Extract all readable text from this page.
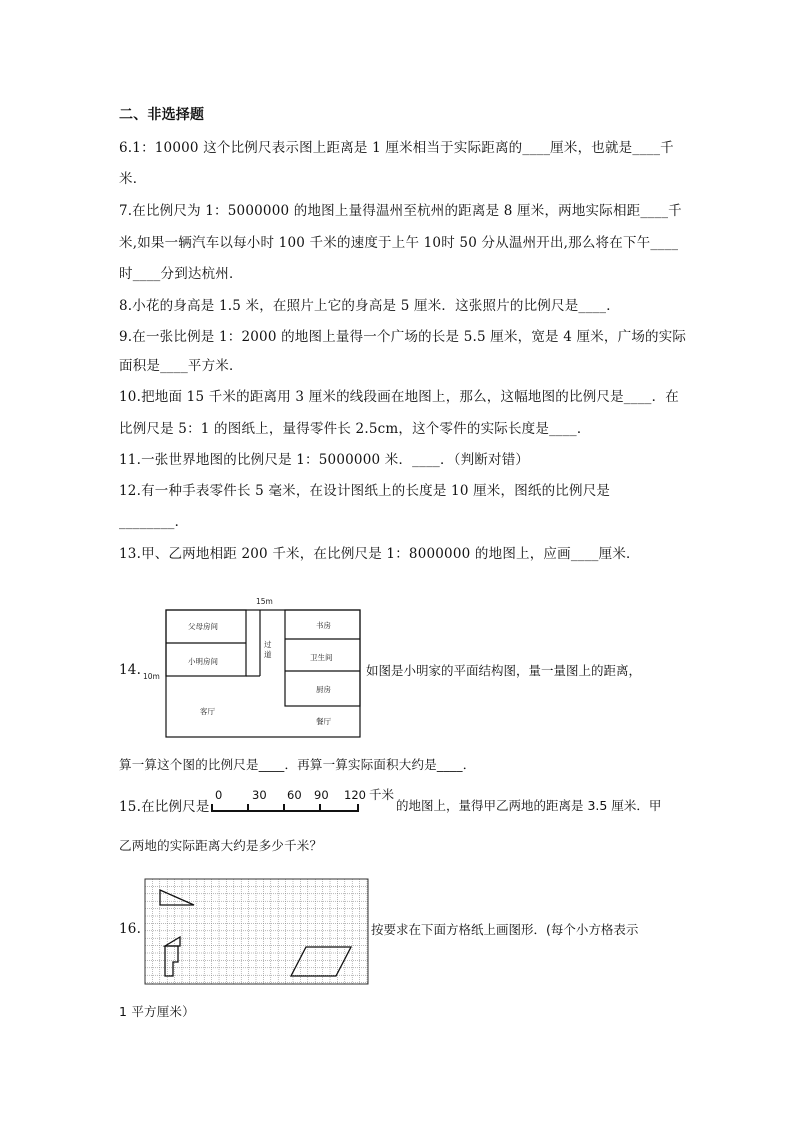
二、非选择题
6.1：10000 这个比例尺表示图上距离是 1 厘米相当于实际距离的____厘米，也就是____千
米．
7.在比例尺为 1：5000000 的地图上量得温州至杭州的距离是 8 厘米，两地实际相距____千
米,如果一辆汽车以每小时 100 千米的速度于上午 10时 50 分从温州开出,那么将在下午____
时____分到达杭州．
8.小花的身高是 1.5 米，在照片上它的身高是 5 厘米．这张照片的比例尺是____．
9.在一张比例是 1：2000 的地图上量得一个广场的长是 5.5 厘米，宽是 4 厘米，广场的实际
面积是____平方米．
10.把地面 15 千米的距离用 3 厘米的线段画在地图上，那么，这幅地图的比例尺是____．在
比例尺是 5：1 的图纸上，量得零件长 2.5cm，这个零件的实际长度是____．
11.一张世界地图的比例尺是 1：5000000 米．____．（判断对错）
12.有一种手表零件长 5 毫米，在设计图纸上的长度是 10 厘米，图纸的比例尺是
________．
13.甲、乙两地相距 200 千米，在比例尺是 1：8000000 的地图上，应画____厘米．
14.
15m
10m
父母房间
小明房间
过道
书房
卫生间
厨房
客厅
餐厅
如图是小明家的平面结构图，量一量图上的距离，
算一算这个图的比例尺是____．再算一算实际面积大约是____．
15.在比例尺是
0	30 60 90 120 千米
的地图上，量得甲乙两地的距离是 3.5 厘米．甲
乙两地的实际距离大约是多少千米？
16.	按要求在下面方格纸上画图形．(每个小方格表示
1 平方厘米）
